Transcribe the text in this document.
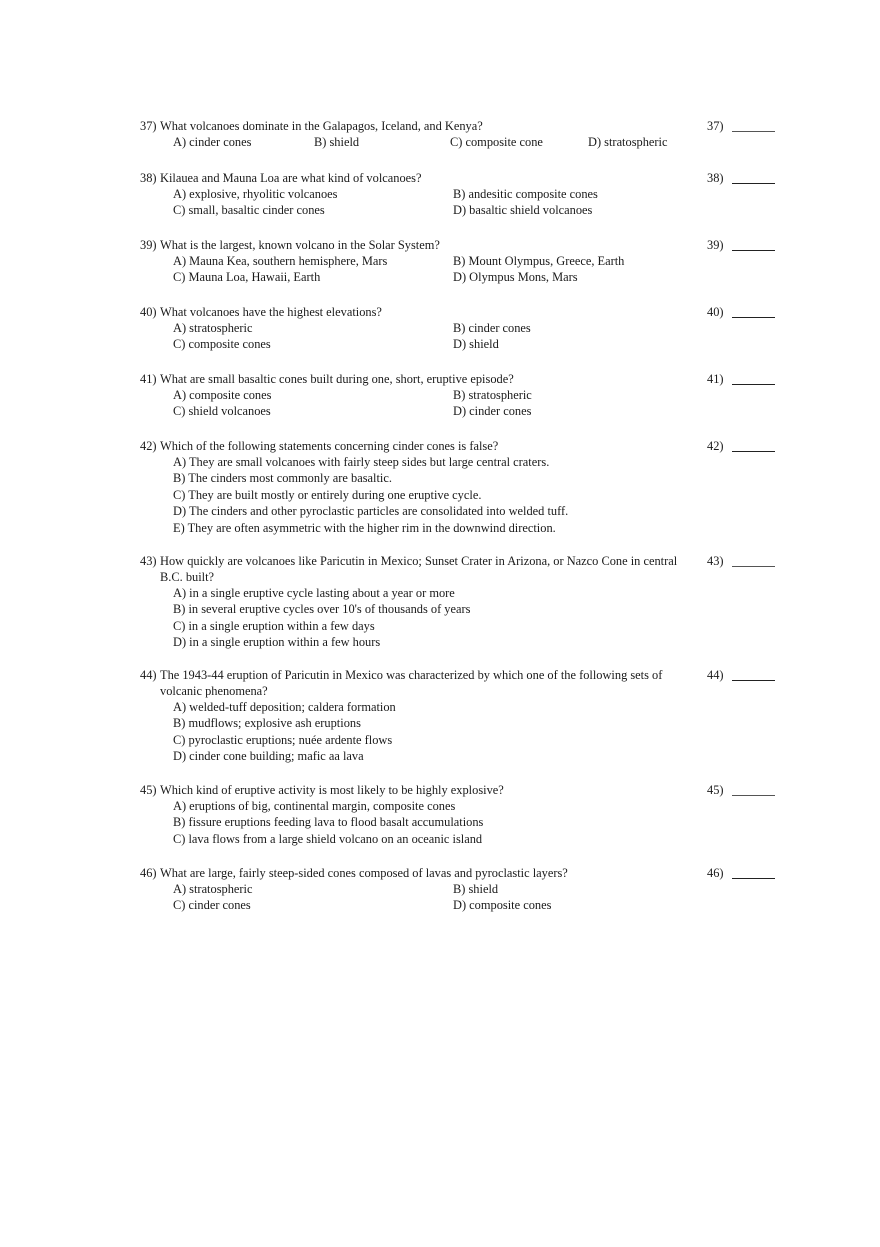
37) What volcanoes dominate in the Galapagos, Iceland, and Kenya?	37)
A) cinder cones	B) shield	C) composite cone	D) stratospheric
38) Kilauea and Mauna Loa are what kind of volcanoes?	38)
A) explosive, rhyolitic volcanoes	B) andesitic composite cones
C) small, basaltic cinder cones	D) basaltic shield volcanoes
39) What is the largest, known volcano in the Solar System?	39)
A) Mauna Kea, southern hemisphere, Mars	B) Mount Olympus, Greece, Earth
C) Mauna Loa, Hawaii, Earth	D) Olympus Mons, Mars
40) What volcanoes have the highest elevations?	40)
A) stratospheric	B) cinder cones
C) composite cones	D) shield
41) What are small basaltic cones built during one, short, eruptive episode?	41)
A) composite cones	B) stratospheric
C) shield volcanoes	D) cinder cones
42) Which of the following statements concerning cinder cones is false?	42)
A) They are small volcanoes with fairly steep sides but large central craters.
B) The cinders most commonly are basaltic.
C) They are built mostly or entirely during one eruptive cycle.
D) The cinders and other pyroclastic particles are consolidated into welded tuff.
E) They are often asymmetric with the higher rim in the downwind direction.
43) How quickly are volcanoes like Paricutin in Mexico; Sunset Crater in Arizona, or Nazco Cone in central B.C. built?
43)
A) in a single eruptive cycle lasting about a year or more
B) in several eruptive cycles over 10's of thousands of years
C) in a single eruption within a few days
D) in a single eruption within a few hours
44) The 1943-44 eruption of Paricutin in Mexico was characterized by which one of the following sets of volcanic phenomena?
44)
A) welded-tuff deposition; caldera formation
B) mudflows; explosive ash eruptions
C) pyroclastic eruptions; nuée ardente flows
D) cinder cone building; mafic aa lava
45) Which kind of eruptive activity is most likely to be highly explosive?	45)
A) eruptions of big, continental margin, composite cones
B) fissure eruptions feeding lava to flood basalt accumulations
C) lava flows from a large shield volcano on an oceanic island
46) What are large, fairly steep-sided cones composed of lavas and pyroclastic layers?	46)
A) stratospheric	B) shield
C) cinder cones	D) composite cones
